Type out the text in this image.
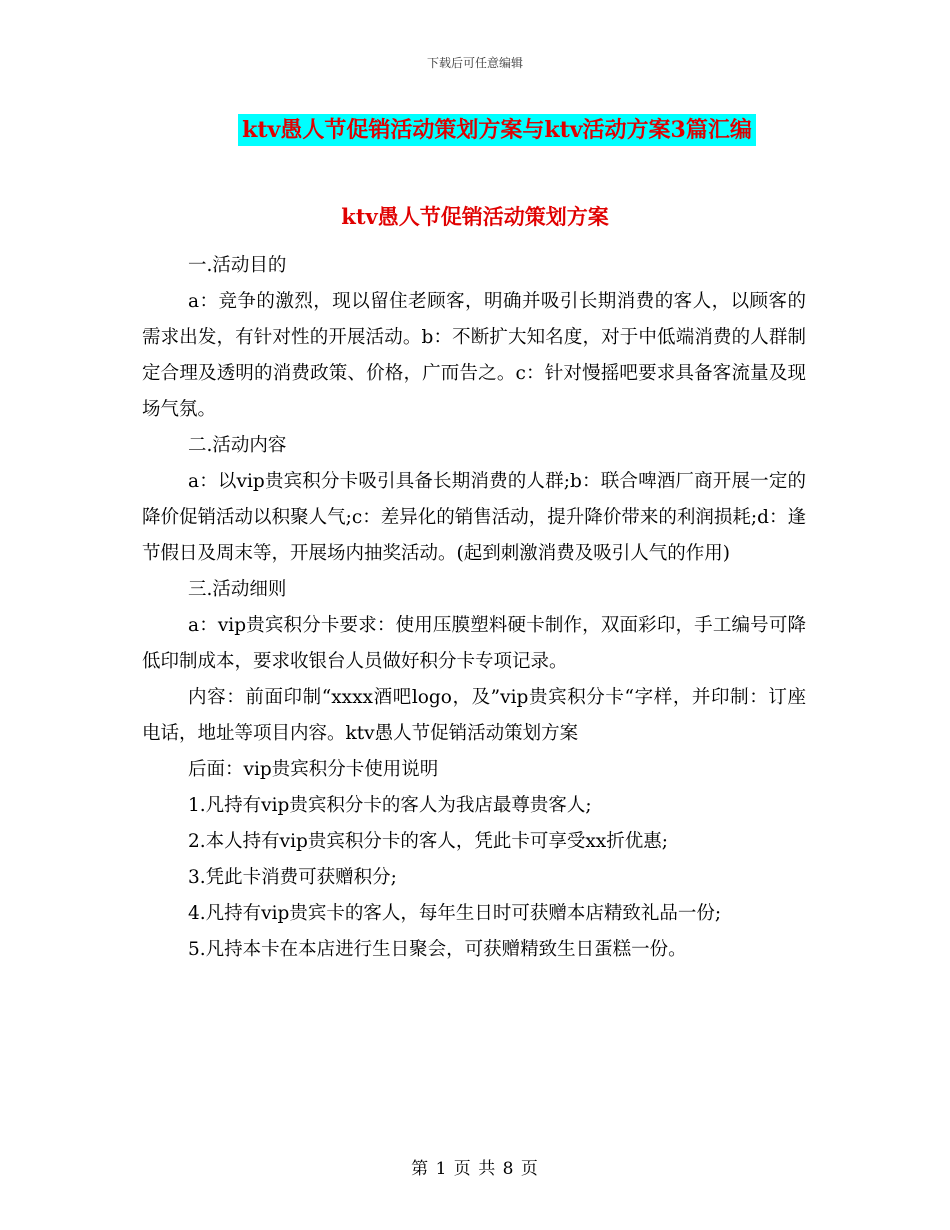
下载后可任意编辑
ktv愚人节促销活动策划方案与ktv活动方案3篇汇编
ktv愚人节促销活动策划方案

一.活动目的

a：竞争的激烈，现以留住老顾客，明确并吸引长期消费的客人，以顾客的需求出发，有针对性的开展活动。b：不断扩大知名度，对于中低端消费的人群制定合理及透明的消费政策、价格，广而告之。c：针对慢摇吧要求具备客流量及现场气氛。

二.活动内容

a：以vip贵宾积分卡吸引具备长期消费的人群;b：联合啤酒厂商开展一定的降价促销活动以积聚人气;c：差异化的销售活动，提升降价带来的利润损耗;d：逢节假日及周末等，开展场内抽奖活动。(起到刺激消费及吸引人气的作用)

三.活动细则

a：vip贵宾积分卡要求：使用压膜塑料硬卡制作，双面彩印，手工编号可降低印制成本，要求收银台人员做好积分卡专项记录。

内容：前面印制“xxxx酒吧logo，及”vip贵宾积分卡“字样，并印制：订座电话，地址等项目内容。ktv愚人节促销活动策划方案

后面：vip贵宾积分卡使用说明

1.凡持有vip贵宾积分卡的客人为我店最尊贵客人;

2.本人持有vip贵宾积分卡的客人，凭此卡可享受xx折优惠;

3.凭此卡消费可获赠积分;

4.凡持有vip贵宾卡的客人，每年生日时可获赠本店精致礼品一份;

5.凡持本卡在本店进行生日聚会，可获赠精致生日蛋糕一份。

第 1 页 共 8 页
